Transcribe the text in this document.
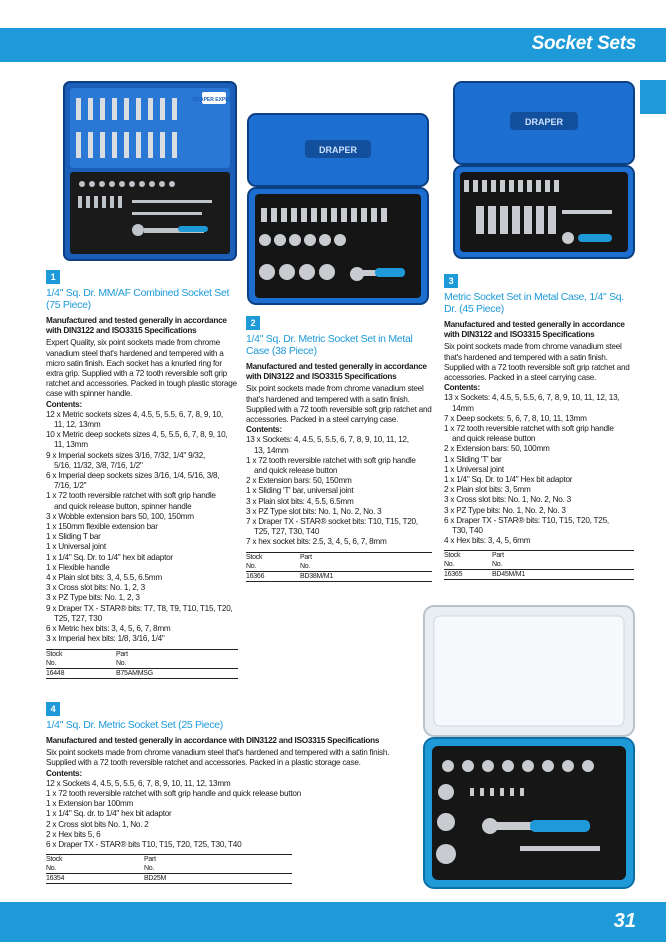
Socket Sets
DRAPER EXPERT
DRAPER
DRAPER
1
1/4" Sq. Dr. MM/AF Combined Socket Set (75 Piece)
Manufactured and tested generally in accordance with DIN3122 and ISO3315 Specifications
Expert Quality, six point sockets made from chrome vanadium steel that's hardened and tempered with a micro satin finish. Each socket has a knurled ring for extra grip. Supplied with a 72 tooth reversible soft grip ratchet and accessories. Packed in tough plastic storage case with spinner handle.
Contents:
12 x Metric sockets sizes 4, 4.5, 5, 5.5, 6, 7, 8, 9, 10,
11, 12, 13mm
10 x Metric deep sockets sizes 4, 5, 5.5, 6, 7, 8, 9, 10,
11, 13mm
9 x Imperial sockets sizes 3/16, 7/32, 1/4" 9/32,
5/16, 11/32, 3/8, 7/16, 1/2"
6 x Imperial deep sockets sizes 3/16, 1/4, 5/16, 3/8,
7/16, 1/2"
1 x 72 tooth reversible ratchet with soft grip handle
and quick release button, spinner handle
3 x Wobble extension bars 50, 100, 150mm
1 x 150mm flexible extension bar
1 x Sliding T bar
1 x Universal joint
1 x 1/4" Sq. Dr. to 1/4" hex bit adaptor
1 x Flexible handle
4 x Plain slot bits: 3, 4, 5.5, 6.5mm
3 x Cross slot bits: No. 1, 2, 3
3 x PZ Type bits: No. 1, 2, 3
9 x Draper TX - STAR® bits: T7, T8, T9, T10, T15, T20,
T25, T27, T30
6 x Metric hex bits: 3, 4, 5, 6, 7, 8mm
3 x Imperial hex bits: 1/8, 3/16, 1/4"
Stock	Part
No.	No.
16448	B75AMMSG
2
1/4" Sq. Dr. Metric Socket Set in Metal Case (38 Piece)
Manufactured and tested generally in accordance with DIN3122 and ISO3315 Specifications
Six point sockets made from chrome vanadium steel that's hardened and tempered with a satin finish. Supplied with a 72 tooth reversible soft grip ratchet and accessories. Packed in a steel carrying case.
Contents:
13 x Sockets: 4, 4.5, 5, 5.5, 6, 7, 8, 9, 10, 11, 12,
13, 14mm
1 x 72 tooth reversible ratchet with soft grip handle
and quick release button
2 x Extension bars: 50, 150mm
1 x Sliding 'T' bar, universal joint
3 x Plain slot bits: 4, 5.5, 6.5mm
3 x PZ Type slot bits: No. 1, No. 2, No. 3
7 x Draper TX - STAR® socket bits: T10, T15, T20,
T25, T27, T30, T40
7 x hex socket bits: 2.5, 3, 4, 5, 6, 7, 8mm
Stock	Part
No.	No.
16366	BD38M/M1
3
Metric Socket Set in Metal Case, 1/4" Sq. Dr. (45 Piece)
Manufactured and tested generally in accordance with DIN3122 and ISO3315 Specifications
Six point sockets made from chrome vanadium steel that's hardened and tempered with a satin finish. Supplied with a 72 tooth reversible soft grip ratchet and accessories. Packed in a steel carrying case.
Contents:
13 x Sockets: 4, 4.5, 5, 5.5, 6, 7, 8, 9, 10, 11, 12, 13,
14mm
7 x Deep sockets: 5, 6, 7, 8, 10, 11, 13mm
1 x 72 tooth reversible ratchet with soft grip handle
and quick release button
2 x Extension bars: 50, 100mm
1 x Sliding 'T' bar
1 x Universal joint
1 x 1/4" Sq. Dr. to 1/4" Hex bit adaptor
2 x Plain slot bits: 3, 5mm
3 x Cross slot bits: No. 1, No. 2, No. 3
3 x PZ Type bits: No. 1, No. 2, No. 3
6 x Draper TX - STAR® bits: T10, T15, T20, T25,
T30, T40
4 x Hex bits: 3, 4, 5, 6mm
Stock	Part
No.	No.
16365	BD45M/M1
4
1/4" Sq. Dr. Metric Socket Set (25 Piece)
Manufactured and tested generally in accordance with DIN3122 and ISO3315 Specifications
Six point sockets made from chrome vanadium steel that's hardened and tempered with a satin finish. Supplied with a 72 tooth reversible ratchet and accessories. Packed in a plastic storage case.
Contents:
12 x Sockets 4, 4.5, 5, 5.5, 6, 7, 8, 9, 10, 11, 12, 13mm
1 x 72 tooth reversible ratchet with soft grip handle and quick release button
1 x Extension bar 100mm
1 x 1/4" Sq. dr. to 1/4" hex bit adaptor
2 x Cross slot bits No. 1, No. 2
2 x Hex bits 5, 6
6 x Draper TX - STAR® bits T10, T15, T20, T25, T30, T40
Stock	Part
No.	No.
16354	BD25M
31
